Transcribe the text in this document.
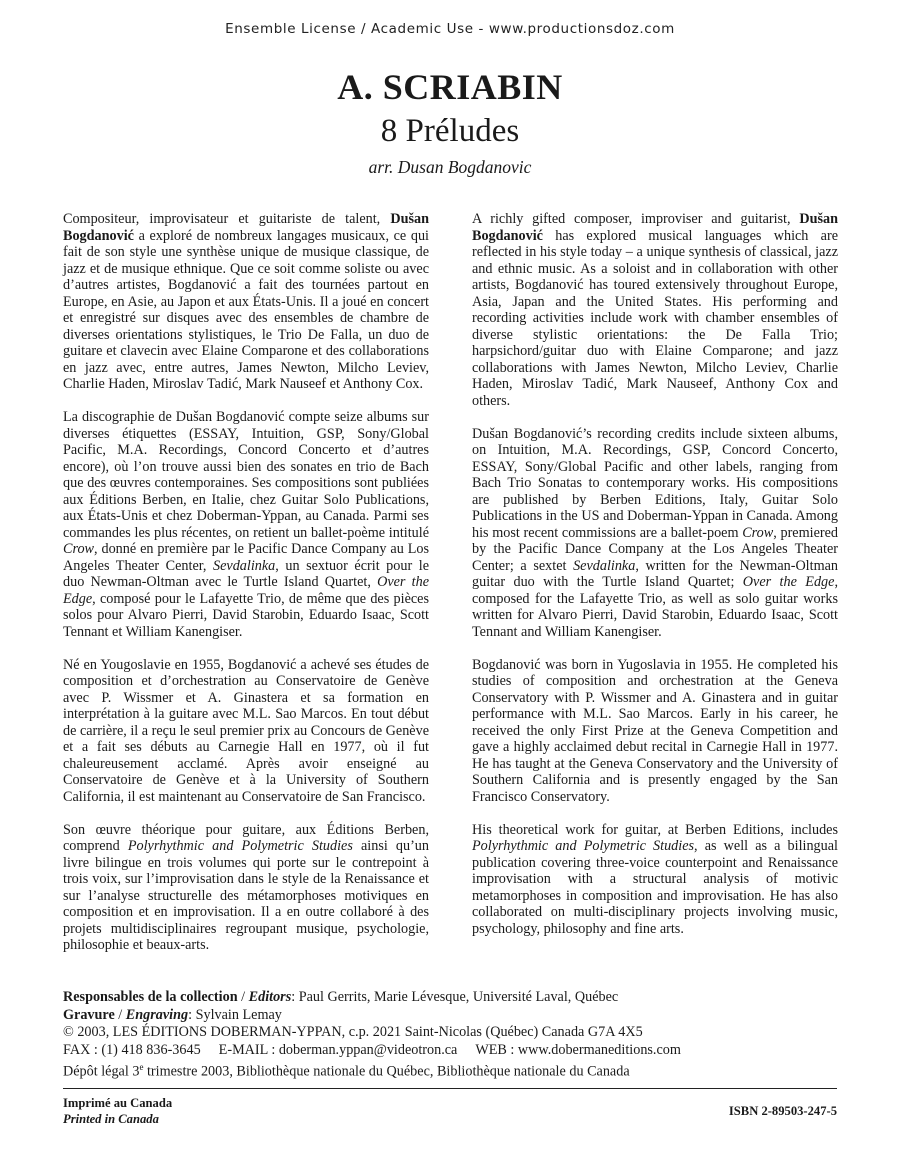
Ensemble License / Academic Use - www.productionsdoz.com
A. SCRIABIN
8 Préludes
arr. Dusan Bogdanovic

Compositeur, improvisateur et guitariste de talent, Dušan Bogdanović a exploré de nombreux langages musicaux, ce qui fait de son style une synthèse unique de musique classique, de jazz et de musique ethnique. Que ce soit comme soliste ou avec d’autres artistes, Bogdanović a fait des tournées partout en Europe, en Asie, au Japon et aux États-Unis. Il a joué en concert et enregistré sur disques avec des ensembles de chambre de diverses orientations stylistiques, le Trio De Falla, un duo de guitare et clavecin avec Elaine Comparone et des collaborations en jazz avec, entre autres, James Newton, Milcho Leviev, Charlie Haden, Miroslav Tadić, Mark Nauseef et Anthony Cox.

La discographie de Dušan Bogdanović compte seize albums sur diverses étiquettes (ESSAY, Intuition, GSP, Sony/Global Pacific, M.A. Recordings, Concord Concerto et d’autres encore), où l’on trouve aussi bien des sonates en trio de Bach que des œuvres contemporaines. Ses compositions sont publiées aux Éditions Berben, en Italie, chez Guitar Solo Publications, aux États-Unis et chez Doberman-Yppan, au Canada. Parmi ses commandes les plus récentes, on retient un ballet-poème intitulé Crow, donné en première par le Pacific Dance Company au Los Angeles Theater Center, Sevdalinka, un sextuor écrit pour le duo Newman-Oltman avec le Turtle Island Quartet, Over the Edge, composé pour le Lafayette Trio, de même que des pièces solos pour Alvaro Pierri, David Starobin, Eduardo Isaac, Scott Tennant et William Kanengiser.

Né en Yougoslavie en 1955, Bogdanović a achevé ses études de composition et d’orchestration au Conservatoire de Genève avec P. Wissmer et A. Ginastera et sa formation en interprétation à la guitare avec M.L. Sao Marcos. En tout début de carrière, il a reçu le seul premier prix au Concours de Genève et a fait ses débuts au Carnegie Hall en 1977, où il fut chaleureusement acclamé. Après avoir enseigné au Conservatoire de Genève et à la University of Southern California, il est maintenant au Conservatoire de San Francisco.

Son œuvre théorique pour guitare, aux Éditions Berben, comprend Polyrhythmic and Polymetric Studies ainsi qu’un livre bilingue en trois volumes qui porte sur le contrepoint à trois voix, sur l’improvisation dans le style de la Renaissance et sur l’analyse structurelle des métamorphoses motiviques en composition et en improvisation. Il a en outre collaboré à des projets multidisciplinaires regroupant musique, psychologie, philosophie et beaux-arts.

A richly gifted composer, improviser and guitarist, Dušan Bogdanović has explored musical languages which are reflected in his style today – a unique synthesis of classical, jazz and ethnic music. As a soloist and in collaboration with other artists, Bogdanović has toured extensively throughout Europe, Asia, Japan and the United States. His performing and recording activities include work with chamber ensembles of diverse stylistic orientations: the De Falla Trio; harpsichord/guitar duo with Elaine Comparone; and jazz collaborations with James Newton, Milcho Leviev, Charlie Haden, Miroslav Tadić, Mark Nauseef, Anthony Cox and others.

Dušan Bogdanović’s recording credits include sixteen albums, on Intuition, M.A. Recordings, GSP, Concord Concerto, ESSAY, Sony/Global Pacific and other labels, ranging from Bach Trio Sonatas to contemporary works. His compositions are published by Berben Editions, Italy, Guitar Solo Publications in the US and Doberman-Yppan in Canada. Among his most recent commissions are a ballet-poem Crow, premiered by the Pacific Dance Company at the Los Angeles Theater Center; a sextet Sevdalinka, written for the Newman-Oltman guitar duo with the Turtle Island Quartet; Over the Edge, composed for the Lafayette Trio, as well as solo guitar works written for Alvaro Pierri, David Starobin, Eduardo Isaac, Scott Tennant and William Kanengiser.

Bogdanović was born in Yugoslavia in 1955. He completed his studies of composition and orchestration at the Geneva Conservatory with P. Wissmer and A. Ginastera and in guitar performance with M.L. Sao Marcos. Early in his career, he received the only First Prize at the Geneva Competition and gave a highly acclaimed debut recital in Carnegie Hall in 1977. He has taught at the Geneva Conservatory and the University of Southern California and is presently engaged by the San Francisco Conservatory.

His theoretical work for guitar, at Berben Editions, includes Polyrhythmic and Polymetric Studies, as well as a bilingual publication covering three-voice counterpoint and Renaissance improvisation with a structural analysis of motivic metamorphoses in composition and improvisation. He has also collaborated on multi-disciplinary projects involving music, psychology, philosophy and fine arts.

Responsables de la collection / Editors: Paul Gerrits, Marie Lévesque, Université Laval, Québec
Gravure / Engraving: Sylvain Lemay
© 2003, LES ÉDITIONS DOBERMAN-YPPAN, c.p. 2021 Saint-Nicolas (Québec) Canada G7A 4X5
FAX : (1) 418 836-3645 E-MAIL : doberman.yppan@videotron.ca WEB : www.dobermaneditions.com
Dépôt légal 3e trimestre 2003, Bibliothèque nationale du Québec, Bibliothèque nationale du Canada
Imprimé au Canada
Printed in Canada
ISBN 2-89503-247-5
